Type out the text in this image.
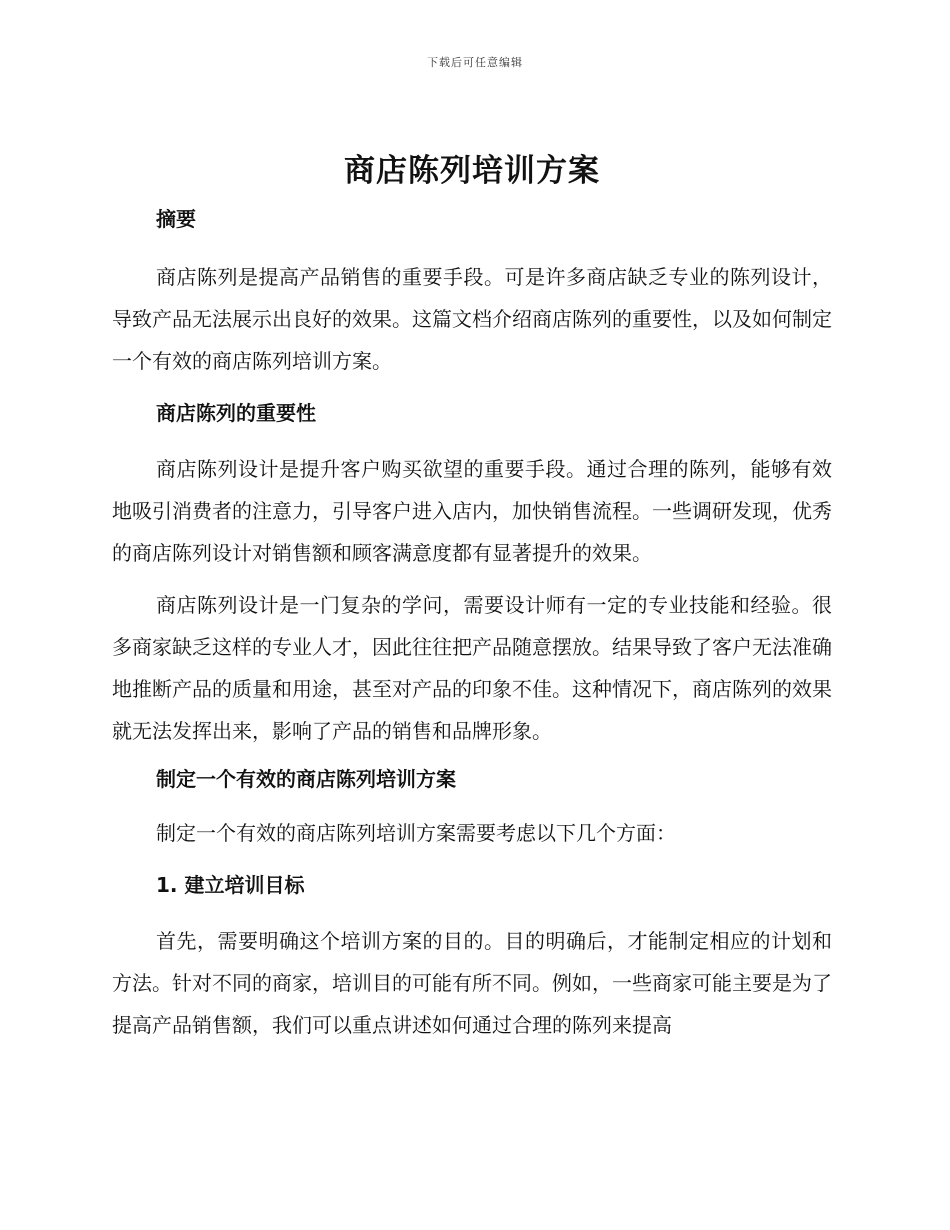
下载后可任意编辑
商店陈列培训方案
摘要

商店陈列是提高产品销售的重要手段。可是许多商店缺乏专业的陈列设计，导致产品无法展示出良好的效果。这篇文档介绍商店陈列的重要性，以及如何制定一个有效的商店陈列培训方案。

商店陈列的重要性

商店陈列设计是提升客户购买欲望的重要手段。通过合理的陈列，能够有效地吸引消费者的注意力，引导客户进入店内，加快销售流程。一些调研发现，优秀的商店陈列设计对销售额和顾客满意度都有显著提升的效果。

商店陈列设计是一门复杂的学问，需要设计师有一定的专业技能和经验。很多商家缺乏这样的专业人才，因此往往把产品随意摆放。结果导致了客户无法准确地推断产品的质量和用途，甚至对产品的印象不佳。这种情况下，商店陈列的效果就无法发挥出来，影响了产品的销售和品牌形象。

制定一个有效的商店陈列培训方案

制定一个有效的商店陈列培训方案需要考虑以下几个方面：

1. 建立培训目标

首先，需要明确这个培训方案的目的。目的明确后，才能制定相应的计划和方法。针对不同的商家，培训目的可能有所不同。例如，一些商家可能主要是为了提高产品销售额，我们可以重点讲述如何通过合理的陈列来提高
